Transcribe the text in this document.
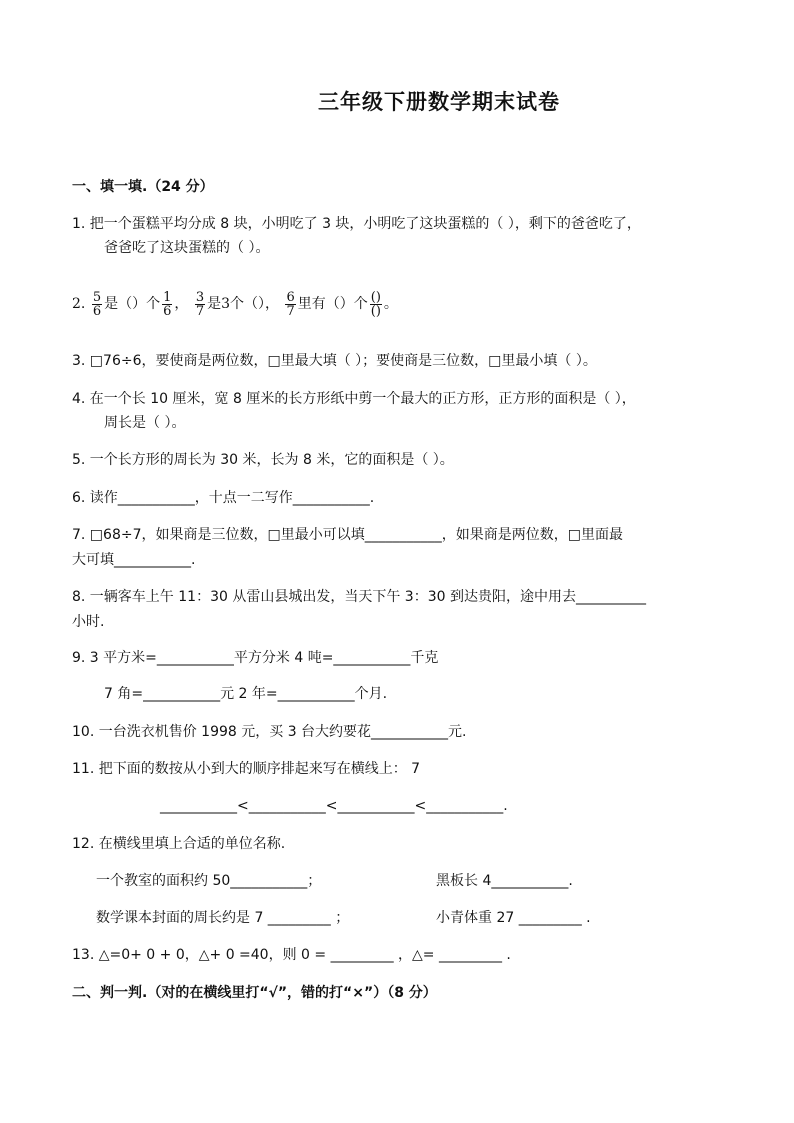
三年级下册数学期末试卷
一、填一填.（24 分）
1. 把一个蛋糕平均分成 8 块，小明吃了 3 块，小明吃了这块蛋糕的（ ），剩下的爸爸吃了，
爸爸吃了这块蛋糕的（ ）。
2. $\frac{5}{6}$ 是（）个 $\frac{1}{6}$ ， $\frac{3}{7}$ 是3个（）， $\frac{6}{7}$ 里有（）个 $\frac{()}{()}$ 。
3. □76÷6，要使商是两位数，□里最大填（ ）；要使商是三位数，□里最小填（ ）。
4. 在一个长 10 厘米，宽 8 厘米的长方形纸中剪一个最大的正方形，正方形的面积是（ ），
周长是（ ）。
5. 一个长方形的周长为 30 米，长为 8 米，它的面积是（ ）。
6. 读作___________，十点一二写作___________.
7. □68÷7，如果商是三位数，□里最小可以填___________，如果商是两位数，□里面最
大可填___________.
8. 一辆客车上午 11：30 从雷山县城出发，当天下午 3：30 到达贵阳，途中用去__________
小时.
9. 3 平方米=___________平方分米 4 吨=___________千克
7 角=___________元 2 年=___________个月.
10. 一台洗衣机售价 1998 元，买 3 台大约要花___________元.
11. 把下面的数按从小到大的顺序排起来写在横线上： 7
___________<___________<___________<___________.
12. 在横线里填上合适的单位名称.
一个教室的面积约 50___________；	黑板长 4___________.
数学课本封面的周长约是 7 _________ ；	小青体重 27 _________ .
13. △=0+ 0 + 0，△+ 0 =40，则 0 = _________ ，△= _________ .
二、判一判.（对的在横线里打“√”，错的打“×”）（8 分）
